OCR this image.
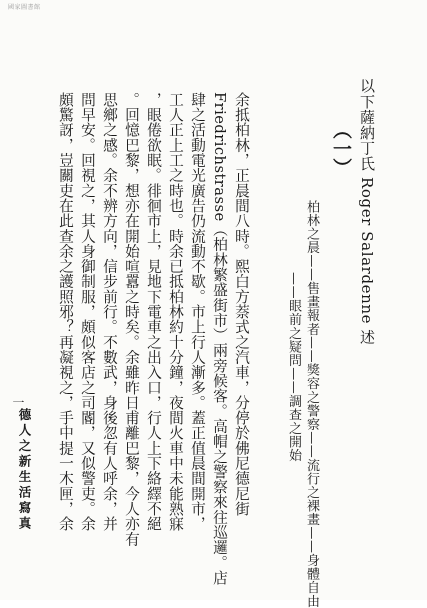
國家圖書館
以下薩納丁氏 Roger Salardenne 述
（一）
柏林之晨——售畫報者——獎容之警察——流行之裸畫——身體自由
——眼前之疑問——調查之開始
余抵柏林，正晨間八時。熙白方萘式之汽車，分停於佛尼德尼街
Friedrichstrasse（柏林繁盛街市）兩旁候客。高帽之警察來往巡邏。店
肆之活動電光廣告仍流動不歇。市上行人漸多。蓋正值晨間開市，
工人正上工之時也。時余已抵柏林約十分鐘，夜間火車中未能熟寐
，眼倦欲眠。徘徊市上，見地下電車之出入口，行人上下絡繹不絕
。回憶巴黎，想亦在開始喧囂之時矣。余雖昨日甫離巴黎，今人亦有
思鄉之感。余不辨方向，信步前行。不數武，身後忽有人呼余，并
問早安。回視之，其人身御制服，頗似客店之司閽，又似警吏。余
頗驚訝，豈關吏在此查余之護照邪？再凝視之，手中提一木匣，余
德人之新生活寫真
一
